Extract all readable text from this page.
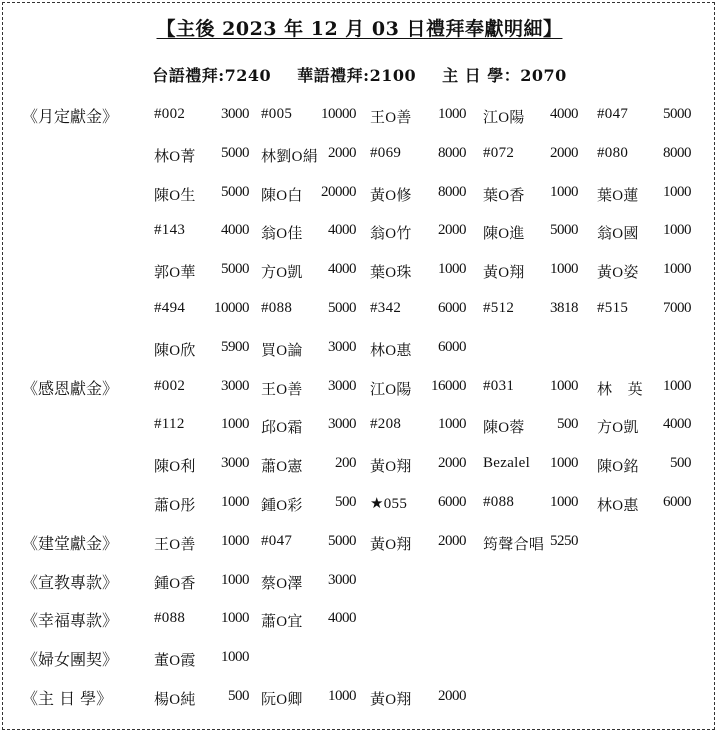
【主後 2023 年 12 月 03 日禮拜奉獻明細】
台語禮拜:7240 華語禮拜:2100 主 日 學：2070
《月定獻金》 #002	3000 #005	10000 王O善	1000 江O陽	4000 #047	5000
林O菁	5000 林劉O絹 2000 #069	8000 #072	2000 #080	8000
陳O生	5000 陳O白	20000 黃O修	8000 葉O香	1000 葉O蓮	1000
#143	4000 翁O佳	4000 翁O竹	2000 陳O進	5000 翁O國	1000
郭O華	5000 方O凱	4000 葉O珠	1000 黃O翔	1000 黃O姿	1000
#494	10000 #088	5000 #342	6000 #512	3818 #515	7000
陳O欣	5900 買O論	3000 林O惠	6000
《感恩獻金》 #002	3000 王O善	3000 江O陽	16000 #031	1000 林　英	1000
#112	1000 邱O霜	3000 #208	1000 陳O蓉	500 方O凱	4000
陳O利	3000 蕭O憲	200 黃O翔	2000 Bezalel	1000 陳O銘	500
蕭O彤	1000 鍾O彩	500 ★055	6000 #088	1000 林O惠	6000
《建堂獻金》 王O善	1000 #047	5000 黃O翔	2000 筠聲合唱 5250
《宣教專款》 鍾O香	1000 蔡O澤	3000
《幸福專款》 #088	1000 蕭O宜	4000
《婦女團契》 董O霞	1000
《主 日 學》	楊O純	500 阮O卿	1000 黃O翔	2000
